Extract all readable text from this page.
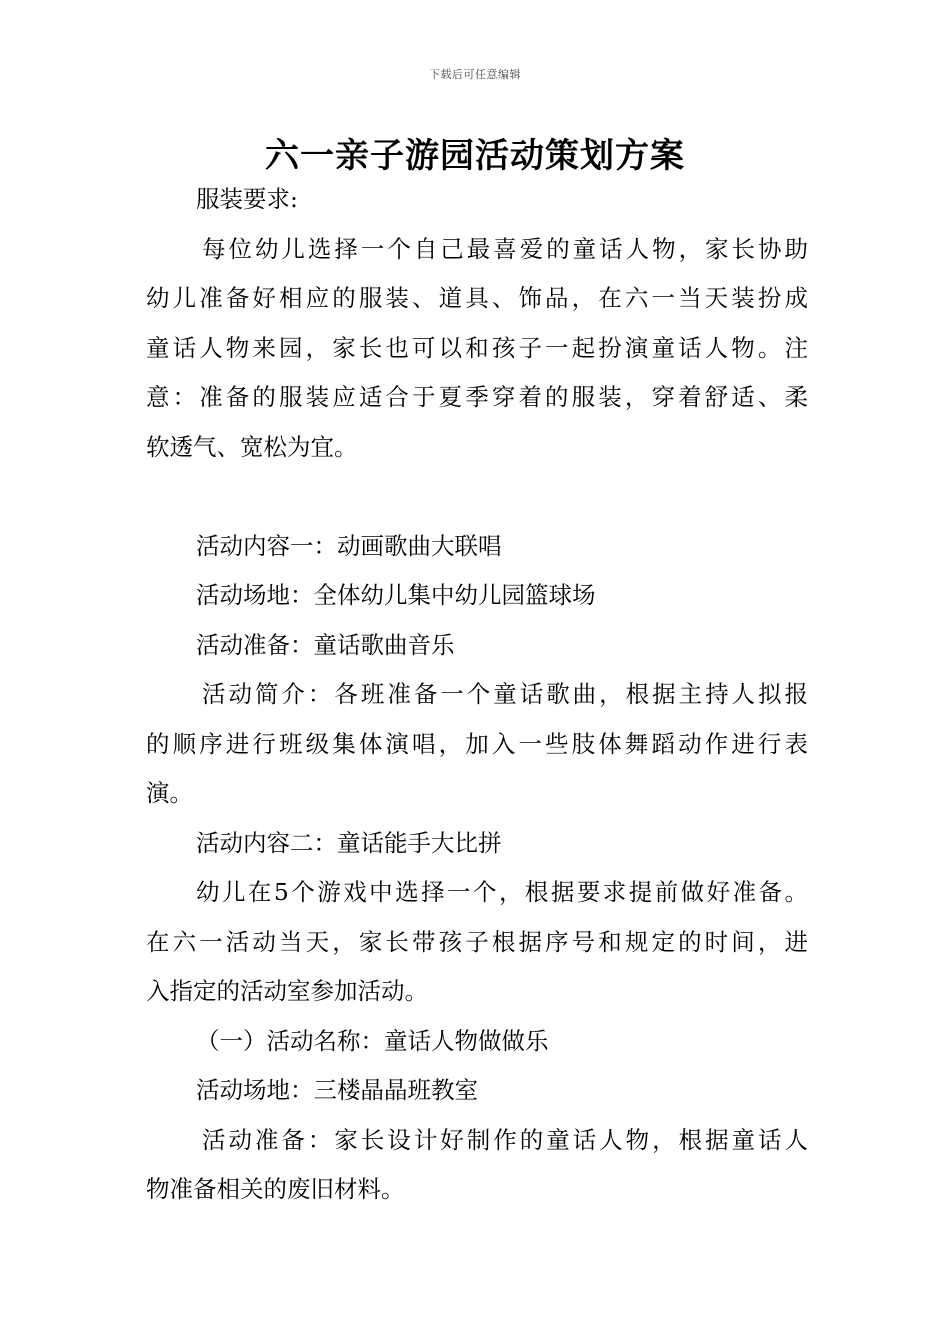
下载后可任意编辑
六一亲子游园活动策划方案
服装要求:
每位幼儿选择一个自己最喜爱的童话人物，家长协助
幼儿准备好相应的服装、道具、饰品，在六一当天装扮成
童话人物来园，家长也可以和孩子一起扮演童话人物。注
意：准备的服装应适合于夏季穿着的服装，穿着舒适、柔
软透气、宽松为宜。
活动内容一：动画歌曲大联唱
活动场地：全体幼儿集中幼儿园篮球场
活动准备：童话歌曲音乐
活动简介：各班准备一个童话歌曲，根据主持人拟报
的顺序进行班级集体演唱，加入一些肢体舞蹈动作进行表
演。
活动内容二：童话能手大比拼
幼儿在5个游戏中选择一个，根据要求提前做好准备。
在六一活动当天，家长带孩子根据序号和规定的时间，进
入指定的活动室参加活动。
（一）活动名称：童话人物做做乐
活动场地：三楼晶晶班教室
活动准备：家长设计好制作的童话人物，根据童话人
物准备相关的废旧材料。
